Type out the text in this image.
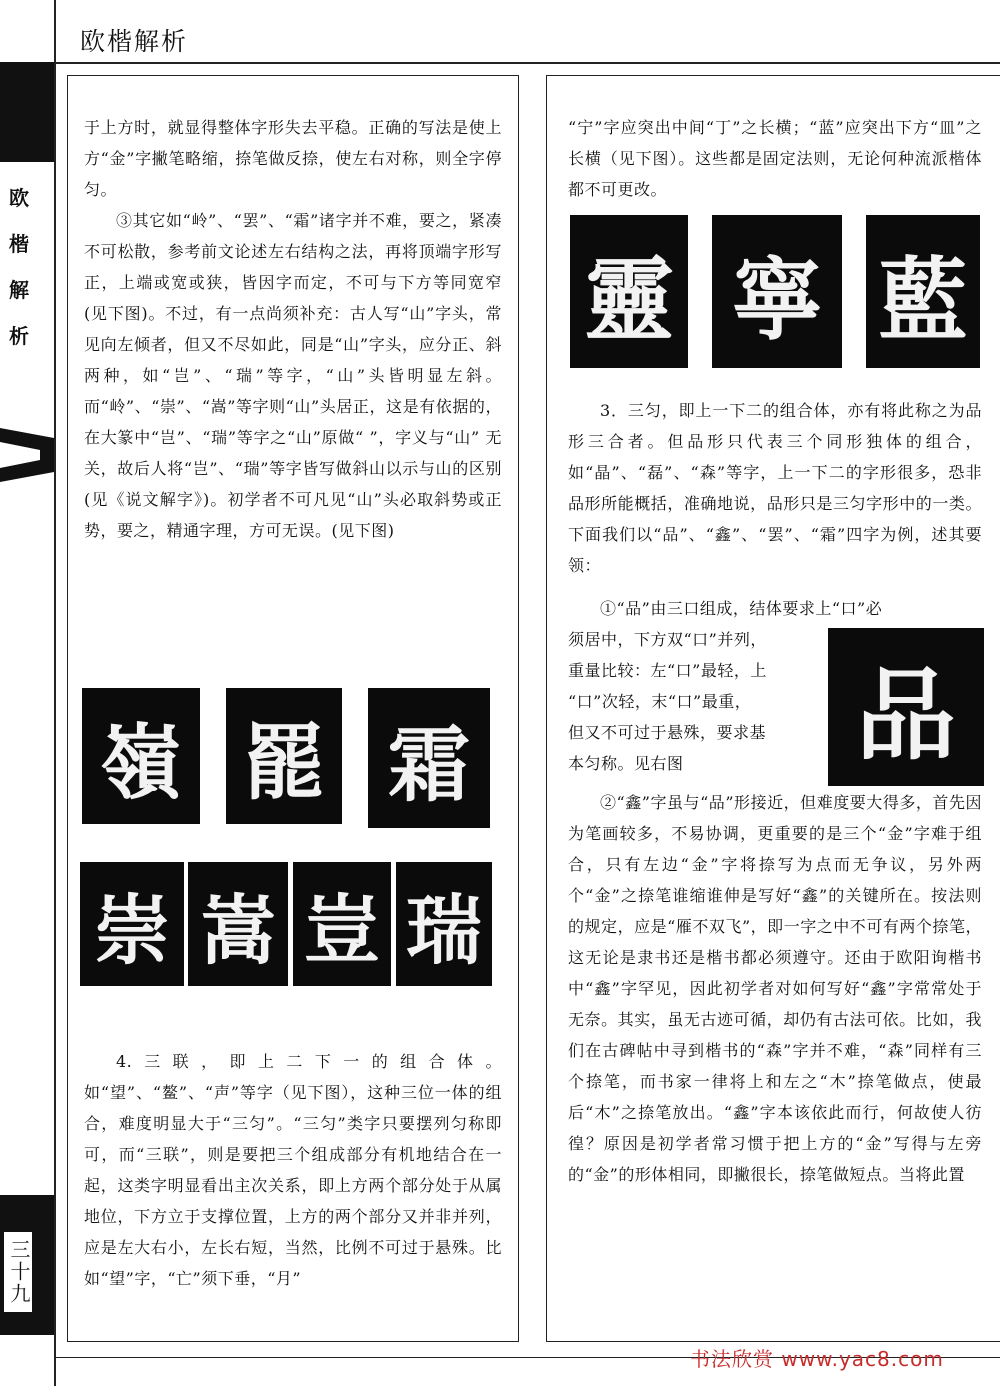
欧
楷
解
析
三十九
欧楷解析

于上方时，就显得整体字形失去平稳。正确的写法是使上方“金”字撇笔略缩，捺笔做反捺，使左右对称，则全字停匀。

③其它如“岭”、“罢”、“霜”诸字并不难，要之，紧凑不可松散，参考前文论述左右结构之法，再将顶端字形写正，上端或宽或狭，皆因字而定，不可与下方等同宽窄(见下图)。不过，有一点尚须补充：古人写“山”字头，常见向左倾者，但又不尽如此，同是“山”字头，应分正、斜两种，如“岂”、“瑞”等字，“山”头皆明显左斜。而“岭”、“崇”、“嵩”等字则“山”头居正，这是有依据的，在大篆中“岂”、“瑞”等字之“山”原做“ ”，字义与“山” 无关，故后人将“岂”、“瑞”等字皆写做斜山以示与山的区别(见《说文解字》)。初学者不可凡见“山”头必取斜势或正势，要之，精通字理，方可无误。(见下图)

嶺 罷 霜
崇 嵩 豈 瑞

4.三联，即上二下一的组合体。如“望”、“鳌”、“声”等字（见下图），这种三位一体的组合，难度明显大于“三匀”。“三匀”类字只要摆列匀称即可，而“三联”，则是要把三个组成部分有机地结合在一起，这类字明显看出主次关系，即上方两个部分处于从属地位，下方立于支撑位置，上方的两个部分又并非并列，应是左大右小，左长右短，当然，比例不可过于悬殊。比如“望”字，“亡”须下垂，“月”

“宁”字应突出中间“丁”之长横；“蓝”应突出下方“皿”之长横（见下图）。这些都是固定法则，无论何种流派楷体都不可更改。

靈 寧 藍

3．三匀，即上一下二的组合体，亦有将此称之为品形三合者。但品形只代表三个同形独体的组合，如“晶”、“磊”、“森”等字，上一下二的字形很多，恐非品形所能概括，准确地说，品形只是三匀字形中的一类。下面我们以“品”、“鑫”、“罢”、“霜”四字为例，述其要领：

①“品”由三口组成，结体要求上“口”必

须居中，下方双“口”并列，

重量比较：左“口”最轻，上

“口”次轻，末“口”最重，

但又不可过于悬殊，要求基

本匀称。见右图	品

②“鑫”字虽与“品”形接近，但难度要大得多，首先因为笔画较多，不易协调，更重要的是三个“金”字难于组合，只有左边“金”字将捺写为点而无争议，另外两个“金”之捺笔谁缩谁伸是写好“鑫”的关键所在。按法则的规定，应是“雁不双飞”，即一字之中不可有两个捺笔，这无论是隶书还是楷书都必须遵守。还由于欧阳询楷书中“鑫”字罕见，因此初学者对如何写好“鑫”字常常处于无奈。其实，虽无古迹可循，却仍有古法可依。比如，我们在古碑帖中寻到楷书的“森”字并不难，“森”同样有三个捺笔，而书家一律将上和左之“木”捺笔做点，使最后“木”之捺笔放出。“鑫”字本该依此而行，何故使人彷徨？原因是初学者常习惯于把上方的“金”写得与左旁的“金”的形体相同，即撇很长，捺笔做短点。当将此置

书法欣赏 www.yac8.com
